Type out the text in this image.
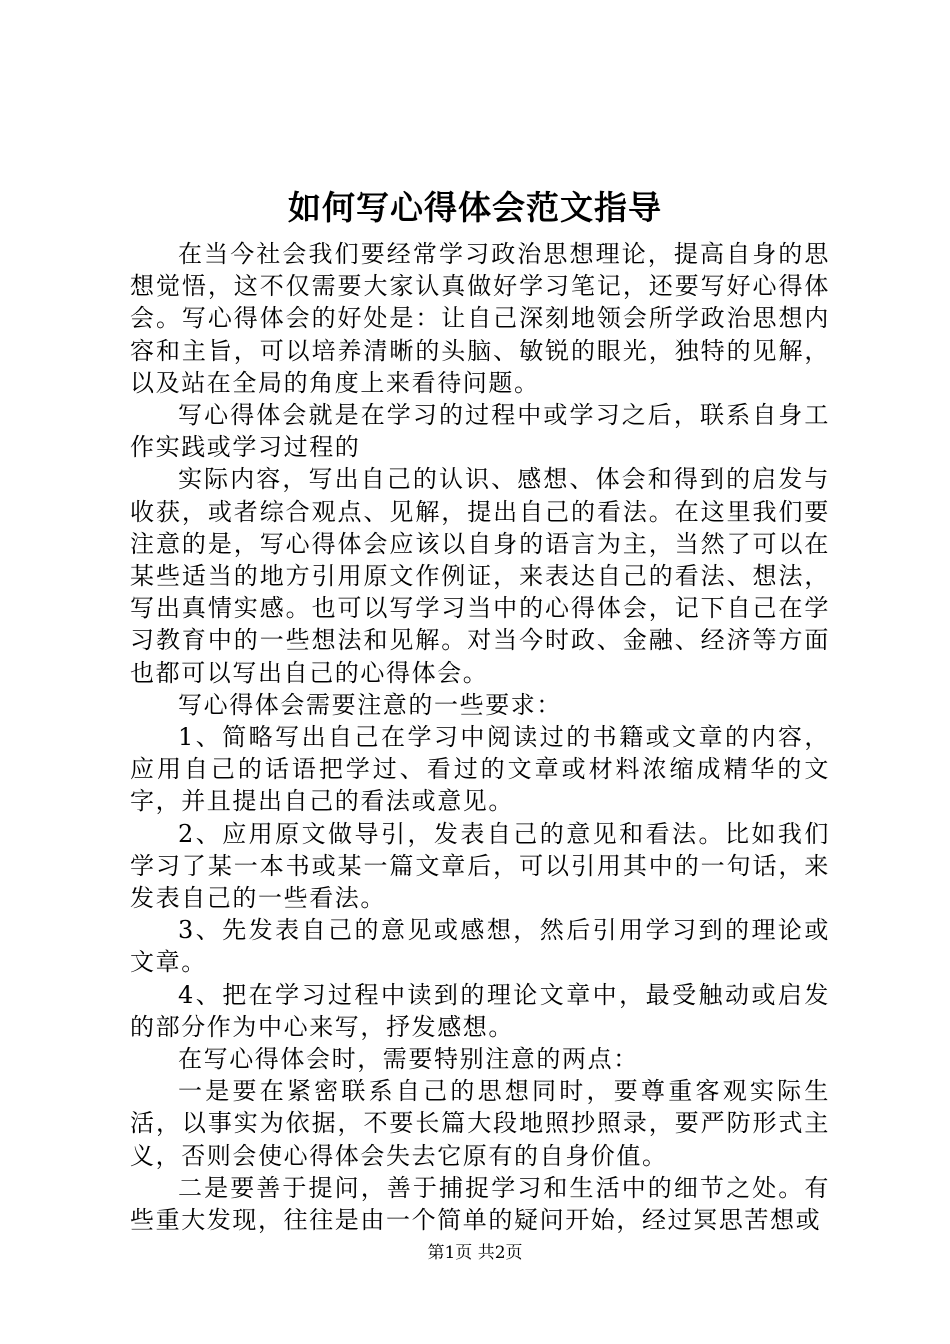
如何写心得体会范文指导

在当今社会我们要经常学习政治思想理论，提高自身的思想觉悟，这不仅需要大家认真做好学习笔记，还要写好心得体会。写心得体会的好处是：让自己深刻地领会所学政治思想内容和主旨，可以培养清晰的头脑、敏锐的眼光，独特的见解，以及站在全局的角度上来看待问题。

写心得体会就是在学习的过程中或学习之后，联系自身工作实践或学习过程的

实际内容，写出自己的认识、感想、体会和得到的启发与收获，或者综合观点、见解，提出自己的看法。在这里我们要注意的是，写心得体会应该以自身的语言为主，当然了可以在某些适当的地方引用原文作例证，来表达自己的看法、想法，写出真情实感。也可以写学习当中的心得体会，记下自己在学习教育中的一些想法和见解。对当今时政、金融、经济等方面也都可以写出自己的心得体会。

写心得体会需要注意的一些要求：

1、简略写出自己在学习中阅读过的书籍或文章的内容，应用自己的话语把学过、看过的文章或材料浓缩成精华的文字，并且提出自己的看法或意见。

2、应用原文做导引，发表自己的意见和看法。比如我们学习了某一本书或某一篇文章后，可以引用其中的一句话，来发表自己的一些看法。

3、先发表自己的意见或感想，然后引用学习到的理论或文章。

4、把在学习过程中读到的理论文章中，最受触动或启发的部分作为中心来写，抒发感想。

在写心得体会时，需要特别注意的两点：

一是要在紧密联系自己的思想同时，要尊重客观实际生活，以事实为依据，不要长篇大段地照抄照录，要严防形式主义，否则会使心得体会失去它原有的自身价值。

二是要善于提问，善于捕捉学习和生活中的细节之处。有些重大发现，往往是由一个简单的疑问开始，经过冥思苦想或

第1页 共2页
